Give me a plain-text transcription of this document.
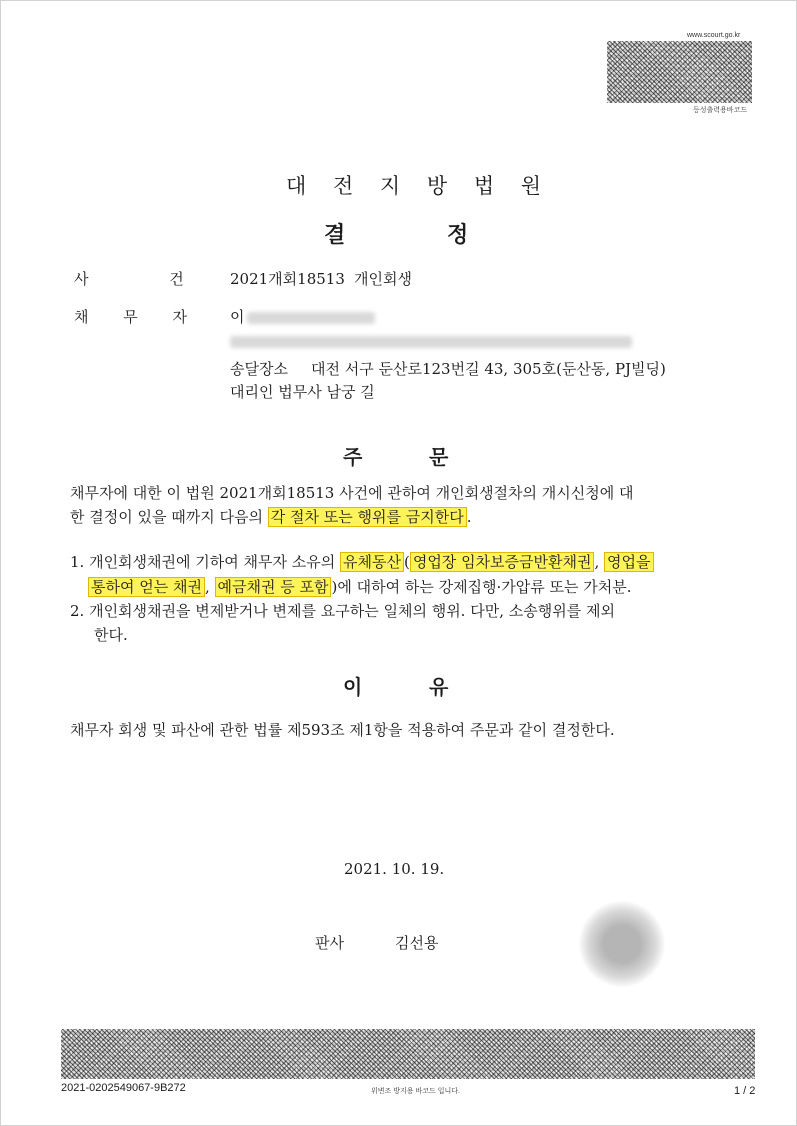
www.scourt.go.kr
등성출력용바코드
대 전 지 방 법 원
결	정
사 건 2021개회18513 개인회생
채 무 자 이
송달장소 대전 서구 둔산로123번길 43, 305호(둔산동, PJ빌딩)
대리인 법무사 남궁 길
주	문
채무자에 대한 이 법원 2021개회18513 사건에 관하여 개인회생절차의 개시신청에 대
한 결정이 있을 때까지 다음의 각 절차 또는 행위를 금지한다 .
1. 개인회생채권에 기하여 채무자 소유의 유체동산 ( 영업장 임차보증금반환채권 , 영업을
통하여 얻는 채권 , 예금채권 등 포함 )에 대하여 하는 강제집행·가압류 또는 가처분.
2. 개인회생채권을 변제받거나 변제를 요구하는 일체의 행위. 다만, 소송행위를 제외
한다.
이	유
채무자 회생 및 파산에 관한 법률 제593조 제1항을 적용하여 주문과 같이 결정한다.
2021. 10. 19.
판사	김선용
2021-0202549067-9B272	위변조 방지용 바코드 입니다.	1 / 2
